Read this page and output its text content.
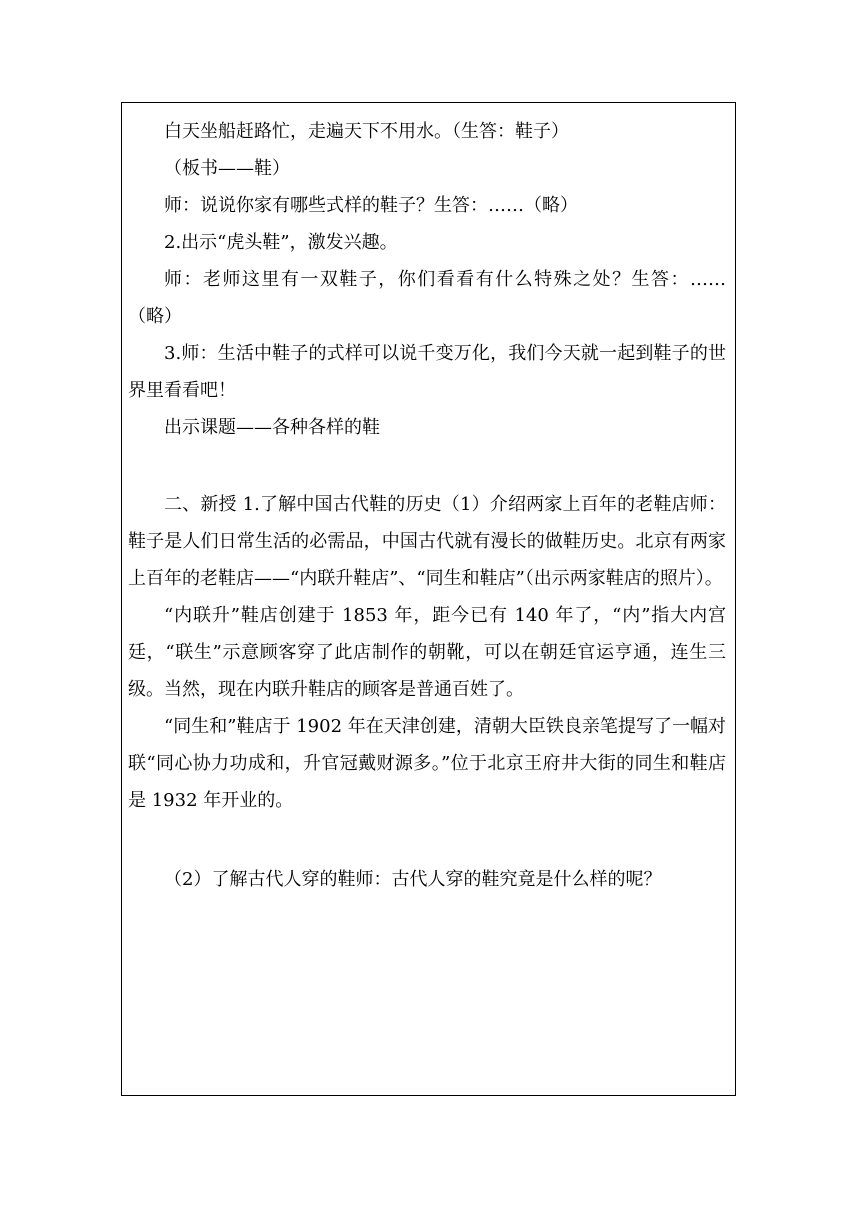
白天坐船赶路忙，走遍天下不用水。（生答：鞋子）

（板书——鞋）

师：说说你家有哪些式样的鞋子？生答：……（略）

2.出示“虎头鞋”，激发兴趣。

师：老师这里有一双鞋子，你们看看有什么特殊之处？生答：……（略）

3.师：生活中鞋子的式样可以说千变万化，我们今天就一起到鞋子的世界里看看吧！

出示课题——各种各样的鞋

二、新授 1.了解中国古代鞋的历史（1）介绍两家上百年的老鞋店师：鞋子是人们日常生活的必需品，中国古代就有漫长的做鞋历史。北京有两家上百年的老鞋店——“内联升鞋店”、“同生和鞋店”（出示两家鞋店的照片）。

“内联升”鞋店创建于 1853 年，距今已有 140 年了，“内”指大内宫廷，“联生”示意顾客穿了此店制作的朝靴，可以在朝廷官运亨通，连生三级。当然，现在内联升鞋店的顾客是普通百姓了。

“同生和”鞋店于 1902 年在天津创建，清朝大臣铁良亲笔提写了一幅对联“同心协力功成和，升官冠戴财源多。”位于北京王府井大街的同生和鞋店是 1932 年开业的。

（2）了解古代人穿的鞋师：古代人穿的鞋究竟是什么样的呢？
